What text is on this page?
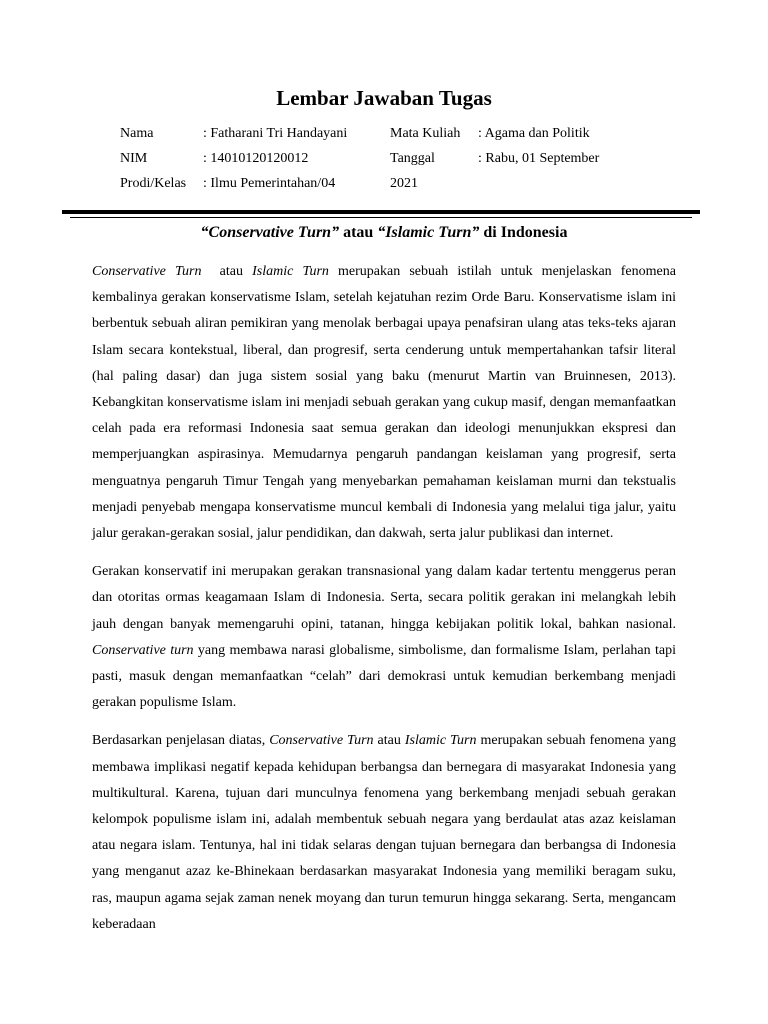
Lembar Jawaban Tugas
Nama	: Fatharani Tri Handayani	Mata Kuliah : Agama dan Politik
NIM	: 14010120120012	Tanggal	: Rabu, 01 September
Prodi/Kelas : Ilmu Pemerintahan/04	2021
“Conservative Turn” atau “Islamic Turn” di Indonesia

Conservative Turn  atau Islamic Turn merupakan sebuah istilah untuk menjelaskan fenomena kembalinya gerakan konservatisme Islam, setelah kejatuhan rezim Orde Baru. Konservatisme islam ini berbentuk sebuah aliran pemikiran yang menolak berbagai upaya penafsiran ulang atas teks-teks ajaran Islam secara kontekstual, liberal, dan progresif, serta cenderung untuk mempertahankan tafsir literal (hal paling dasar) dan juga sistem sosial yang baku (menurut Martin van Bruinnesen, 2013). Kebangkitan konservatisme islam ini menjadi sebuah gerakan yang cukup masif, dengan memanfaatkan celah pada era reformasi Indonesia saat semua gerakan dan ideologi menunjukkan ekspresi dan memperjuangkan aspirasinya. Memudarnya pengaruh pandangan keislaman yang progresif, serta menguatnya pengaruh Timur Tengah yang menyebarkan pemahaman keislaman murni dan tekstualis menjadi penyebab mengapa konservatisme muncul kembali di Indonesia yang melalui tiga jalur, yaitu jalur gerakan-gerakan sosial, jalur pendidikan, dan dakwah, serta jalur publikasi dan internet.

Gerakan konservatif ini merupakan gerakan transnasional yang dalam kadar tertentu menggerus peran dan otoritas ormas keagamaan Islam di Indonesia. Serta, secara politik gerakan ini melangkah lebih jauh dengan banyak memengaruhi opini, tatanan, hingga kebijakan politik lokal, bahkan nasional. Conservative turn yang membawa narasi globalisme, simbolisme, dan formalisme Islam, perlahan tapi pasti, masuk dengan memanfaatkan “celah” dari demokrasi untuk kemudian berkembang menjadi gerakan populisme Islam.

Berdasarkan penjelasan diatas, Conservative Turn atau Islamic Turn merupakan sebuah fenomena yang membawa implikasi negatif kepada kehidupan berbangsa dan bernegara di masyarakat Indonesia yang multikultural. Karena, tujuan dari munculnya fenomena yang berkembang menjadi sebuah gerakan kelompok populisme islam ini, adalah membentuk sebuah negara yang berdaulat atas azaz keislaman atau negara islam. Tentunya, hal ini tidak selaras dengan tujuan bernegara dan berbangsa di Indonesia yang menganut azaz ke-Bhinekaan berdasarkan masyarakat Indonesia yang memiliki beragam suku, ras, maupun agama sejak zaman nenek moyang dan turun temurun hingga sekarang. Serta, mengancam keberadaan
